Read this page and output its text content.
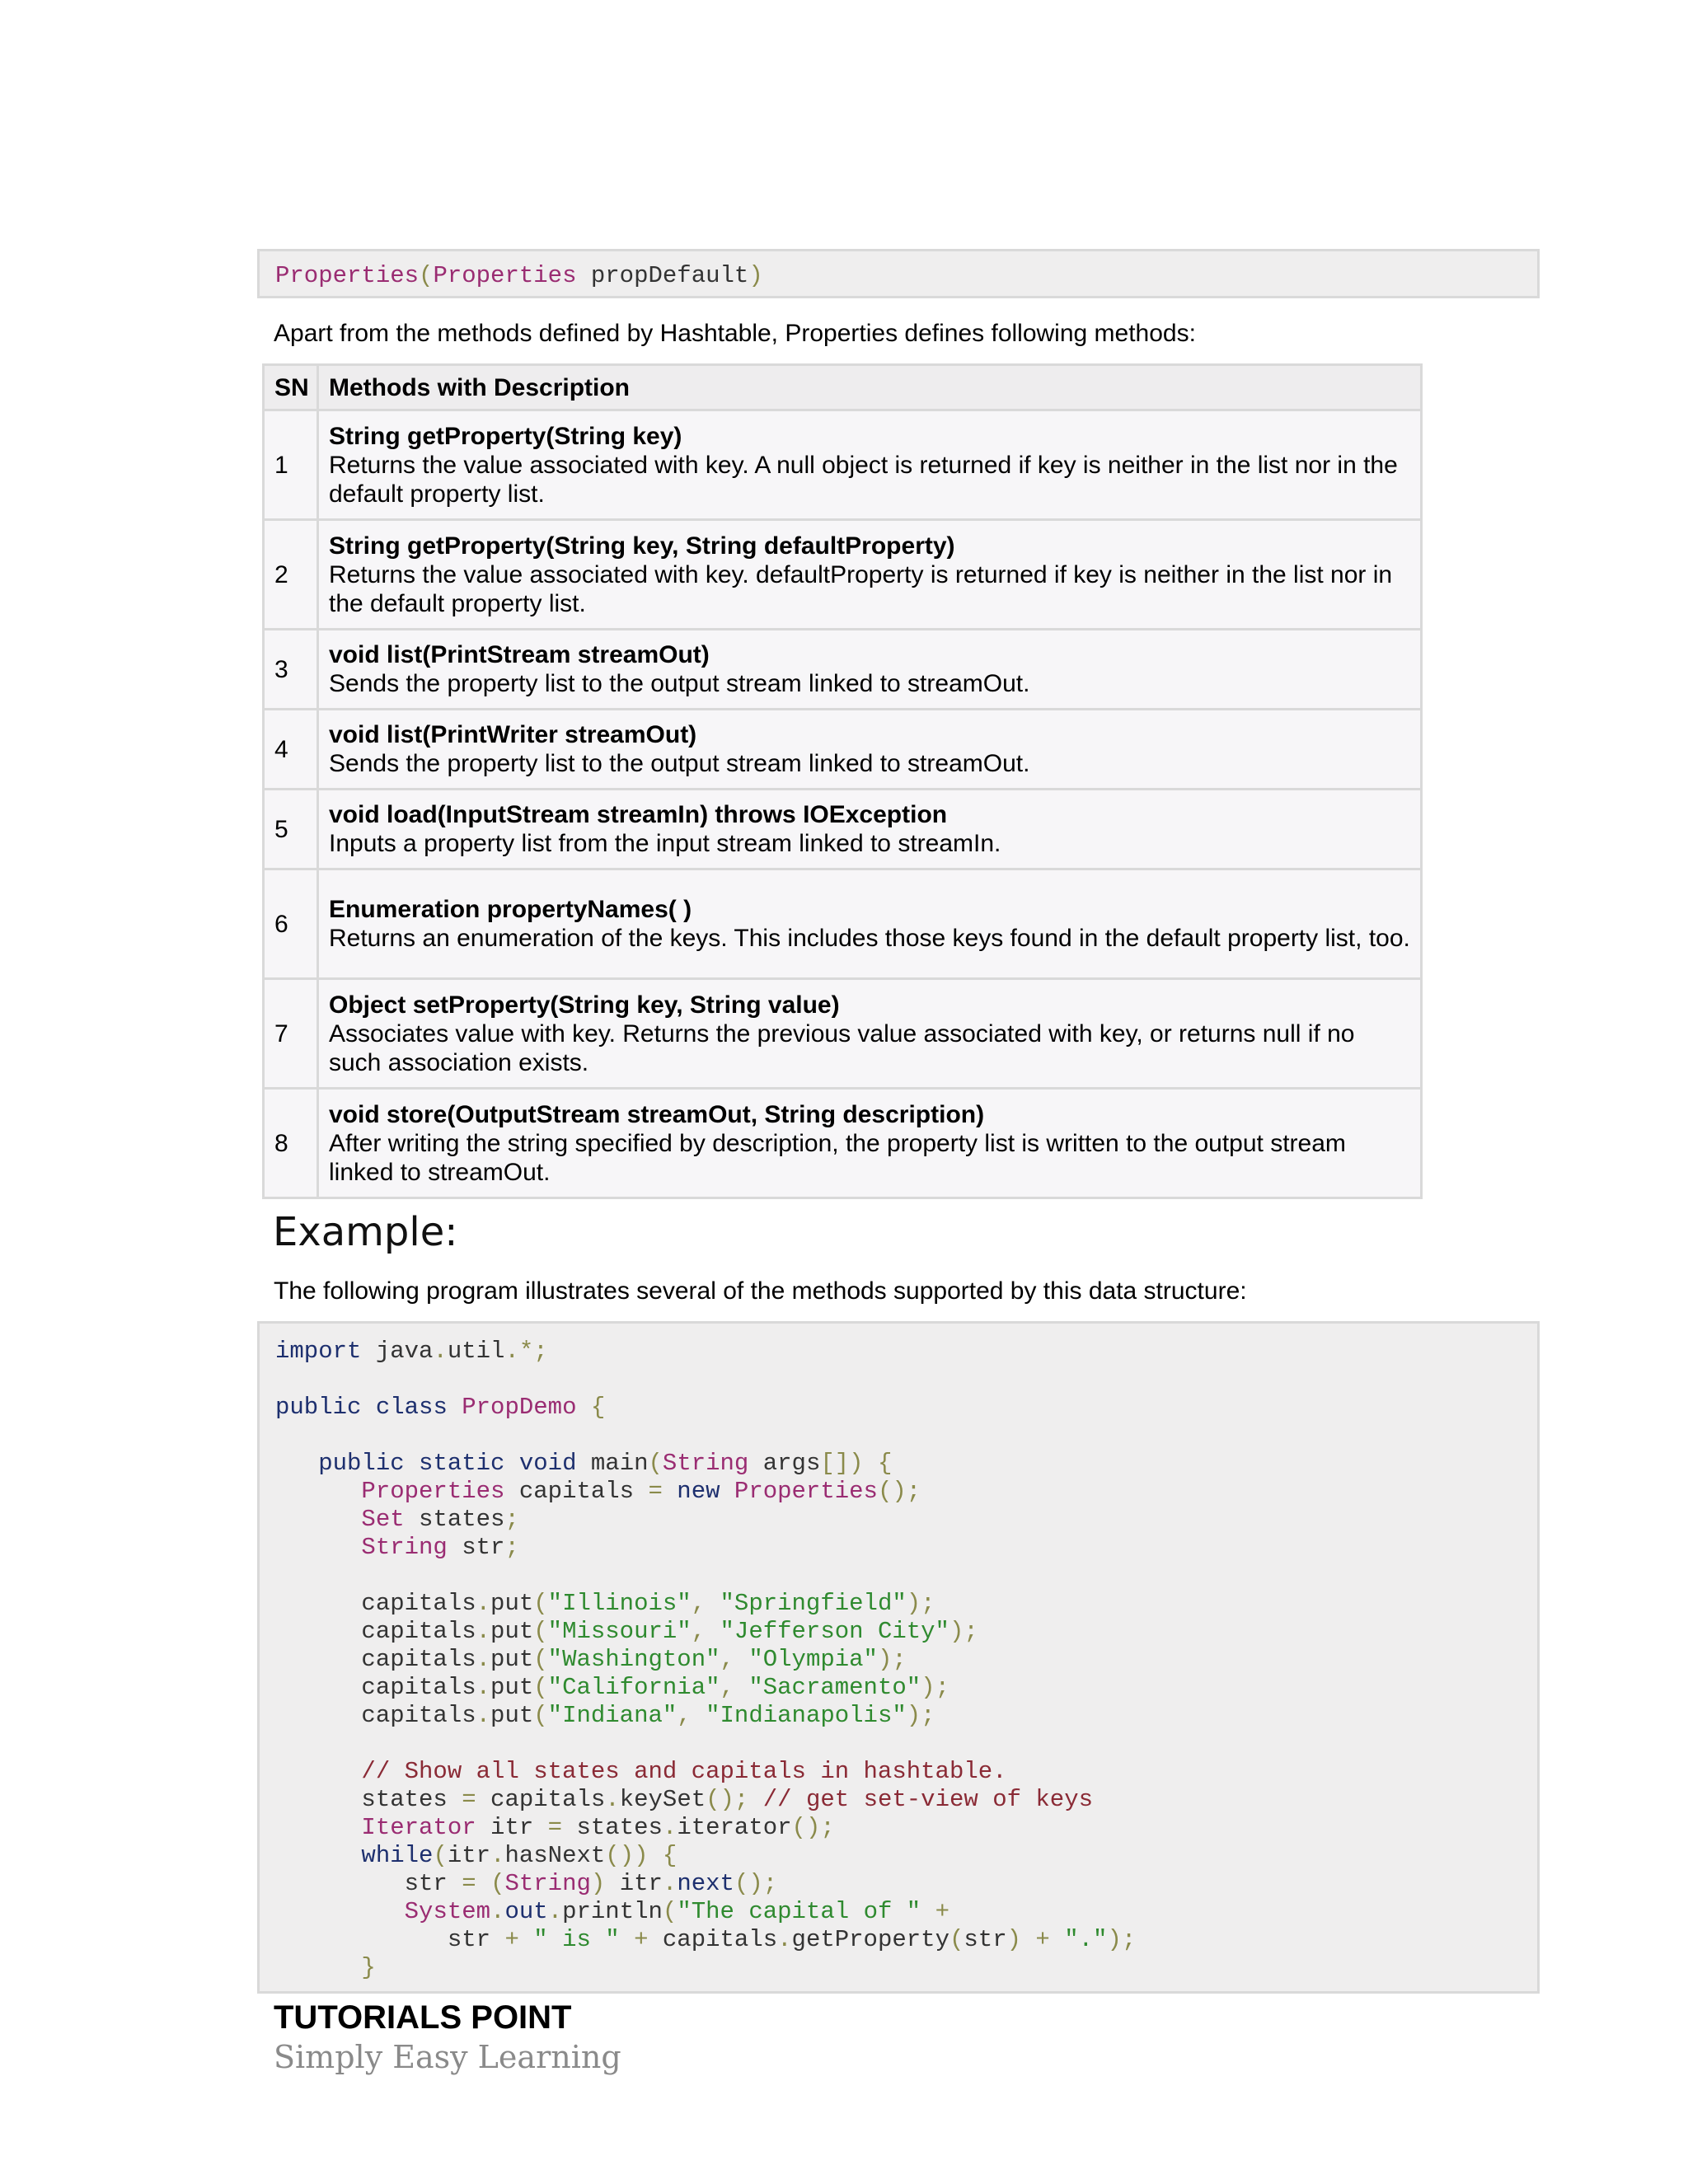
Properties(Properties propDefault)
Apart from the methods defined by Hashtable, Properties defines following methods:
SN	Methods with Description
1	String getProperty(String key)
Returns the value associated with key. A null object is returned if key is neither in the list nor in the default property list.

2	String getProperty(String key, String defaultProperty)
Returns the value associated with key. defaultProperty is returned if key is neither in the list nor in the default property list.

3	void list(PrintStream streamOut)
Sends the property list to the output stream linked to streamOut.

4	void list(PrintWriter streamOut)
Sends the property list to the output stream linked to streamOut.

5	void load(InputStream streamIn) throws IOException
Inputs a property list from the input stream linked to streamIn.

6	Enumeration propertyNames( )
Returns an enumeration of the keys. This includes those keys found in the default property list, too.

7	Object setProperty(String key, String value)
Associates value with key. Returns the previous value associated with key, or returns null if no such association exists.

8	void store(OutputStream streamOut, String description)
After writing the string specified by description, the property list is written to the output stream linked to streamOut.
Example:
The following program illustrates several of the methods supported by this data structure:
import java.util.*;
public class PropDemo {
public static void main(String args[]) {
Properties capitals = new Properties();
Set states;
String str;
capitals.put("Illinois", "Springfield");
capitals.put("Missouri", "Jefferson City");
capitals.put("Washington", "Olympia");
capitals.put("California", "Sacramento");
capitals.put("Indiana", "Indianapolis");
// Show all states and capitals in hashtable.
states = capitals.keySet(); // get set-view of keys
Iterator itr = states.iterator();
while(itr.hasNext()) {
str = (String) itr.next();
System.out.println("The capital of " +
str + " is " + capitals.getProperty(str) + ".");
}
TUTORIALS POINT
Simply Easy Learning
